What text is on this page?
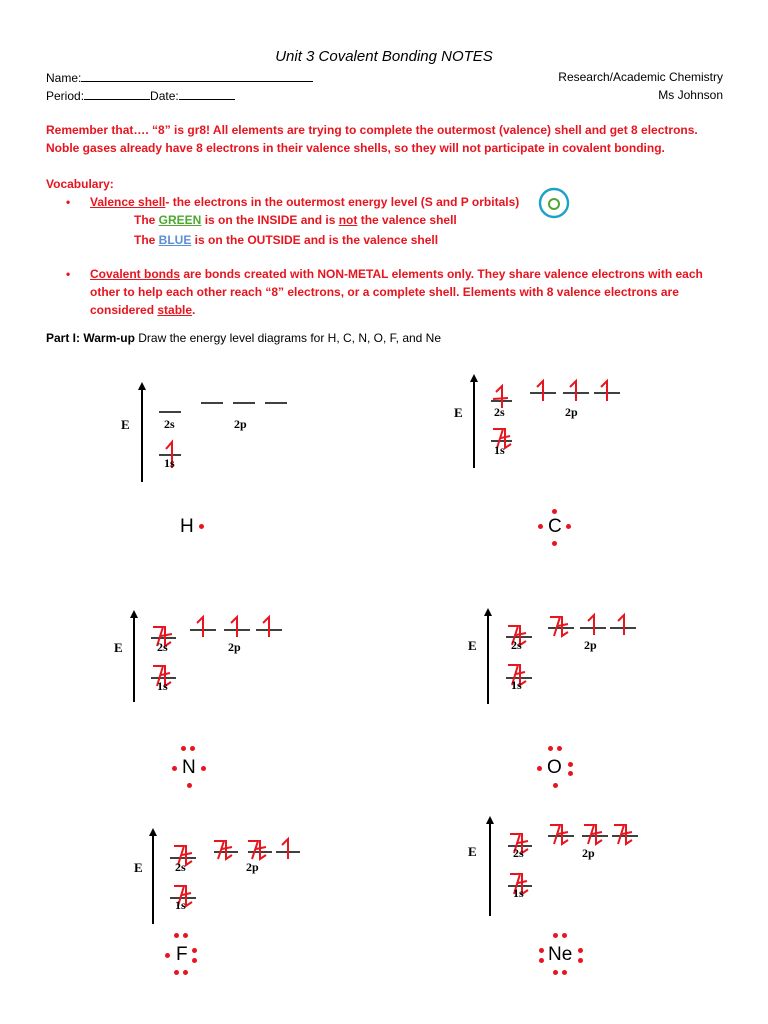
Unit 3 Covalent Bonding NOTES
Name:
Period:	Date:
Research/Academic Chemistry
Ms Johnson
Remember that…. “8” is gr8! All elements are trying to complete the outermost (valence) shell and get 8 electrons.
Noble gases already have 8 electrons in their valence shells, so they will not participate in covalent bonding.
Vocabulary:
• Valence shell- the electrons in the outermost energy level (S and P orbitals)
The GREEN is on the INSIDE and is not the valence shell
The BLUE is on the OUTSIDE and is the valence shell
• Covalent bonds are bonds created with NON-METAL elements only. They share valence electrons with each
other to help each other reach “8” electrons, or a complete shell. Elements with 8 valence electrons are
considered stable.
Part I: Warm-up Draw the energy level diagrams for H, C, N, O, F, and Ne
E	2s	2p
1s
E	2s	2p
1s
H	C
E	2s	2p
1s
E	2s	2p
1s
N	O
E	2s	2p
1s
E	2s	2p
1s
F	Ne
